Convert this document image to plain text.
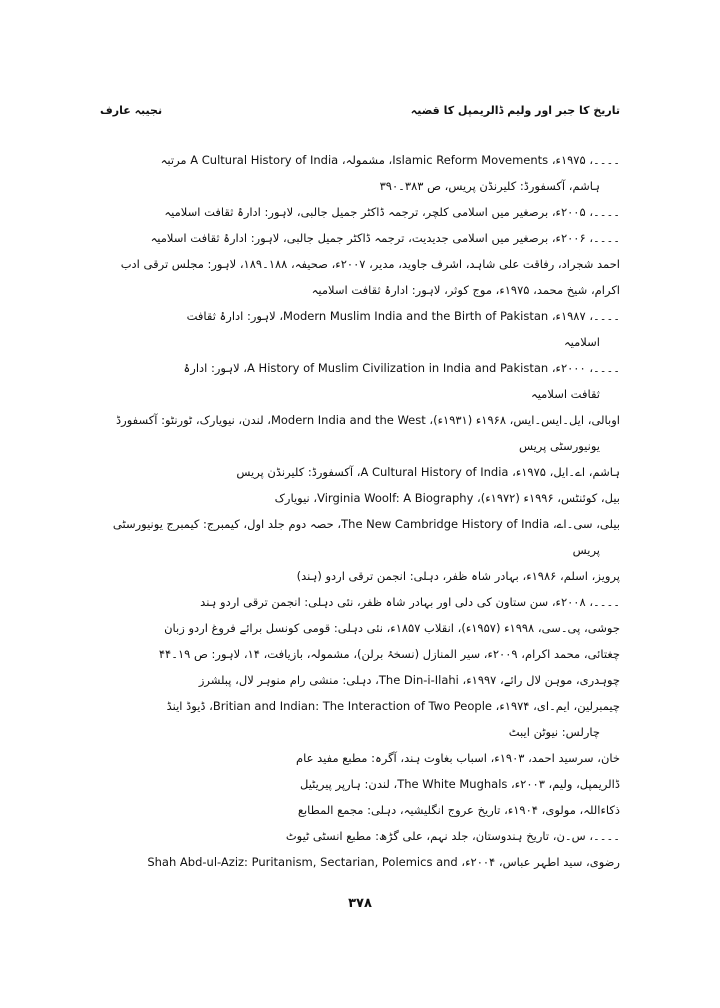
تاریخ کا جبر اور ولیم ڈالریمپل کا قضیہ
نجیبہ عارف
۔۔۔۔، ۱۹۷۵ء، Islamic Reform Movements، مشمولہ، A Cultural History of India مرتبہ
ہاشم، آکسفورڈ: کلیرنڈن پریس، ص ۳۸۳۔۳۹۰
۔۔۔۔، ۲۰۰۵ء، برصغیر میں اسلامی کلچر، ترجمہ ڈاکٹر جمیل جالبی، لاہور: ادارۂ ثقافت اسلامیہ
۔۔۔۔، ۲۰۰۶ء، برصغیر میں اسلامی جدیدیت، ترجمہ ڈاکٹر جمیل جالبی، لاہور: ادارۂ ثقافت اسلامیہ
احمد شجراد، رفاقت علی شاہد، اشرف جاوید، مدیر، ۲۰۰۷ء، صحیفہ، ۱۸۸۔۱۸۹، لاہور: مجلس ترقی ادب
اکرام، شیخ محمد، ۱۹۷۵ء، موج کوثر، لاہور: ادارۂ ثقافت اسلامیہ
۔۔۔۔، ۱۹۸۷ء، Modern Muslim India and the Birth of Pakistan، لاہور: ادارۂ ثقافت
اسلامیہ
۔۔۔۔، ۲۰۰۰ء، A History of Muslim Civilization in India and Pakistan، لاہور: ادارۂ
ثقافت اسلامیہ
اوبالی، ایل۔ایس۔ایس، ۱۹۶۸ء (۱۹۳۱ء)، Modern India and the West، لندن، نیویارک، ٹورنٹو: آکسفورڈ
یونیورسٹی پریس
ہاشم، اے۔ایل، ۱۹۷۵ء، A Cultural History of India، آکسفورڈ: کلیرنڈن پریس
بیل، کوئنٹس، ۱۹۹۶ء (۱۹۷۲ء)، Virginia Woolf: A Biography، نیویارک
بیلی، سی۔اے، The New Cambridge History of India، حصہ دوم جلد اول، کیمبرج: کیمبرج یونیورسٹی
پریس
پرویز، اسلم، ۱۹۸۶ء، بہادر شاہ ظفر، دہلی: انجمن ترقی اردو (ہند)
۔۔۔۔، ۲۰۰۸ء، سن ستاون کی دلی اور بہادر شاہ ظفر، نئی دہلی: انجمن ترقی اردو ہند
جوشی، پی۔سی، ۱۹۹۸ء (۱۹۵۷ء)، انقلاب ۱۸۵۷ء، نئی دہلی: قومی کونسل برائے فروغ اردو زبان
چغتائی، محمد اکرام، ۲۰۰۹ء، سیر المنازل (نسخۂ برلن)، مشمولہ، بازیافت، ۱۴، لاہور: ص ۱۹۔۴۴
چوہدری، موہن لال رائے، ۱۹۹۷ء، The Din-i-Ilahi، دہلی: منشی رام منوہر لال، پبلشرز
چیمبرلین، ایم۔ای، ۱۹۷۴ء، Britian and Indian: The Interaction of Two People، ڈیوڈ اینڈ
چارلس: نیوٹن ایبٹ
خان، سرسید احمد، ۱۹۰۳ء، اسباب بغاوت ہند، آگرہ: مطبع مفید عام
ڈالریمپل، ولیم، ۲۰۰۳ء، The White Mughals، لندن: ہارپر پیریٹیل
ذکاءاللہ، مولوی، ۱۹۰۴ء، تاریخ عروج انگلیشیہ، دہلی: مجمع المطابع
۔۔۔۔، س۔ن، تاریخ ہندوستان، جلد نہم، علی گڑھ: مطبع انسٹی ٹیوٹ
رضوی، سید اطہر عباس، ۲۰۰۴ء، Shah Abd-ul-Aziz: Puritanism, Sectarian, Polemics and
۳۷۸
